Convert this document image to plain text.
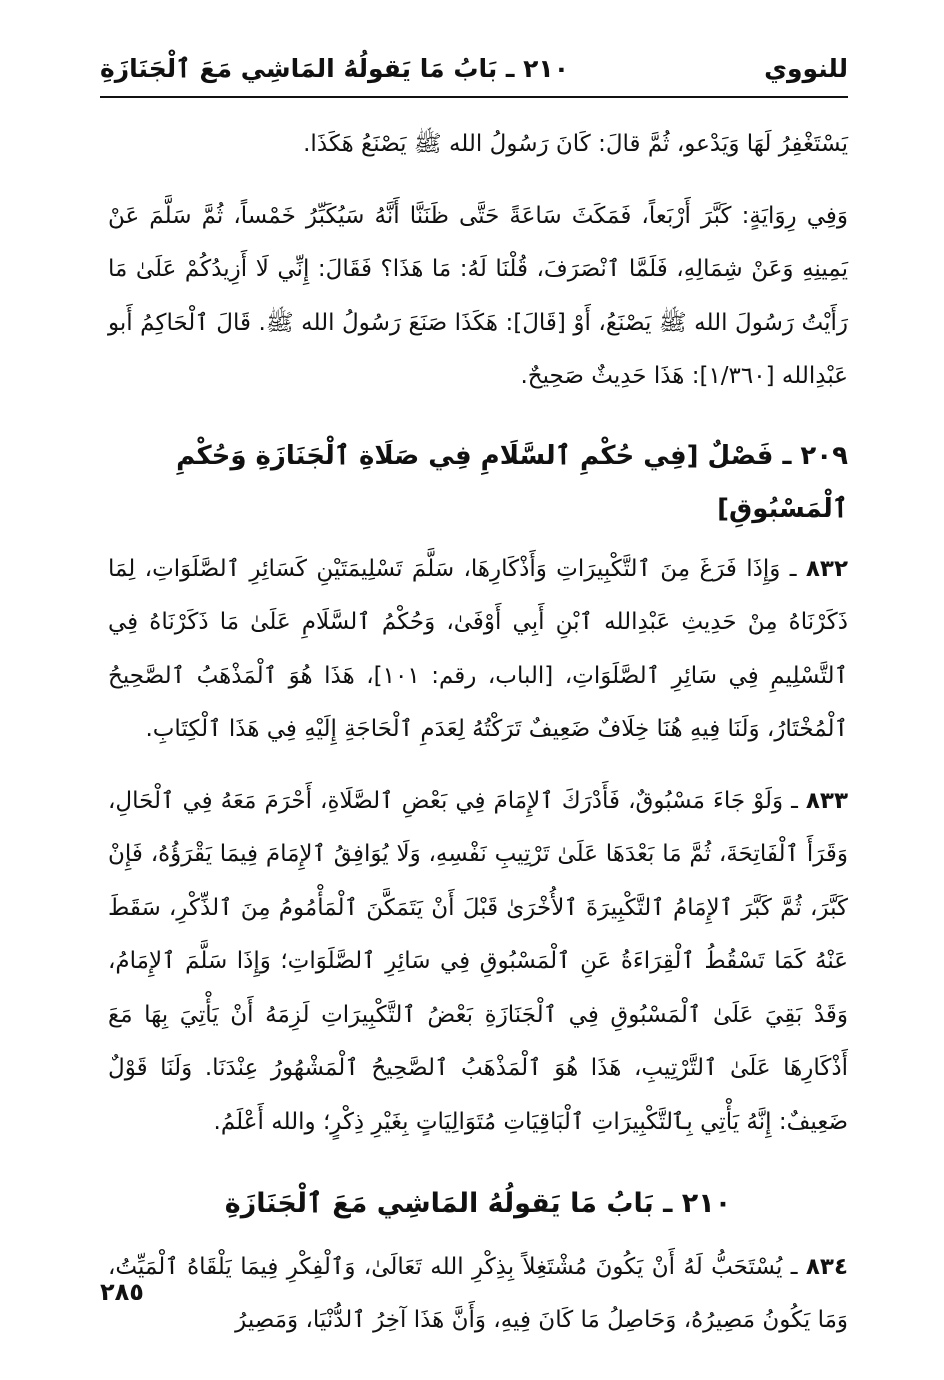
للنووي
٢١٠ ـ بَابُ مَا يَقولُهُ المَاشِي مَعَ ٱلْجَنَازَةِ

يَسْتَغْفِرُ لَهَا وَيَدْعو، ثُمَّ قالَ: كَانَ رَسُولُ الله ﷺ يَصْنَعُ هَكَذَا.

وَفِي رِوَايَةٍ: كَبَّرَ أَرْبَعاً، فَمَكَثَ سَاعَةً حَتَّى ظَنَنَّا أَنَّهُ سَيُكَبِّرُ خَمْساً، ثُمَّ سَلَّمَ عَنْ يَمِينِهِ وَعَنْ شِمَالِهِ، فَلَمَّا ٱنْصَرَفَ، قُلْنَا لَهُ: مَا هَذَا؟ فَقَالَ: إِنِّي لَا أَزِيدُكُمْ عَلَىٰ مَا رَأَيْتُ رَسُولَ الله ﷺ يَصْنَعُ، أَوْ [قَالَ]: هَكَذَا صَنَعَ رَسُولُ الله ﷺ. قَالَ ٱلْحَاكِمُ أَبو عَبْدِالله [١/٣٦٠]: هَذَا حَدِيثٌ صَحِيحٌ.

٢٠٩ ـ فَصْلٌ [فِي حُكْمِ ٱلسَّلَامِ فِي صَلَاةِ ٱلْجَنَازَةِ وَحُكْمِ ٱلْمَسْبُوقِ]

٨٣٢ ـ وَإِذَا فَرَغَ مِنَ ٱلتَّكْبِيرَاتِ وَأَذْكَارِهَا، سَلَّمَ تَسْلِيمَتَيْنِ كَسَائِرِ ٱلصَّلَوَاتِ، لِمَا ذَكَرْنَاهُ مِنْ حَدِيثِ عَبْدِالله ٱبْنِ أَبِي أَوْفَىٰ، وَحُكْمُ ٱلسَّلَامِ عَلَىٰ مَا ذَكَرْنَاهُ فِي ٱلتَّسْلِيمِ فِي سَائِرِ ٱلصَّلَوَاتِ، [الباب، رقم: ١٠١]، هَذَا هُوَ ٱلْمَذْهَبُ ٱلصَّحِيحُ ٱلْمُخْتَارُ، وَلَنَا فِيهِ هُنَا خِلَافٌ ضَعِيفٌ تَرَكْتُهُ لِعَدَمِ ٱلْحَاجَةِ إِلَيْهِ فِي هَذَا ٱلْكِتَابِ.

٨٣٣ ـ وَلَوْ جَاءَ مَسْبُوقٌ، فَأَدْرَكَ ٱلإِمَامَ فِي بَعْضِ ٱلصَّلَاةِ، أَحْرَمَ مَعَهُ فِي ٱلْحَالِ، وَقَرَأَ ٱلْفَاتِحَةَ، ثُمَّ مَا بَعْدَهَا عَلَىٰ تَرْتِيبِ نَفْسِهِ، وَلَا يُوَافِقُ ٱلإِمَامَ فِيمَا يَقْرَؤُهُ، فَإِنْ كَبَّرَ، ثُمَّ كَبَّرَ ٱلإِمَامُ ٱلتَّكْبِيرَةَ ٱلأُخْرَىٰ قَبْلَ أَنْ يَتَمَكَّنَ ٱلْمَأْمُومُ مِنَ ٱلذِّكْرِ، سَقَطَ عَنْهُ كَمَا تَسْقُطُ ٱلْقِرَاءَةُ عَنِ ٱلْمَسْبُوقِ فِي سَائِرِ ٱلصَّلَوَاتِ؛ وَإِذَا سَلَّمَ ٱلإِمَامُ، وَقَدْ بَقِيَ عَلَىٰ ٱلْمَسْبُوقِ فِي ٱلْجَنَازَةِ بَعْضُ ٱلتَّكْبِيرَاتِ لَزِمَهُ أَنْ يَأْتِيَ بِهَا مَعَ أَذْكَارِهَا عَلَىٰ ٱلتَّرْتِيبِ، هَذَا هُوَ ٱلْمَذْهَبُ ٱلصَّحِيحُ ٱلْمَشْهُورُ عِنْدَنَا. وَلَنَا قَوْلٌ ضَعِيفٌ: إِنَّهُ يَأْتِي بِٱلتَّكْبِيرَاتِ ٱلْبَاقِيَاتِ مُتَوَالِيَاتٍ بِغَيْرِ ذِكْرٍ؛ والله أَعْلَمُ.

٢١٠ ـ بَابُ مَا يَقولُهُ المَاشِي مَعَ ٱلْجَنَازَةِ

٨٣٤ ـ يُسْتَحَبُّ لَهُ أَنْ يَكُونَ مُشْتَغِلاً بِذِكْرِ الله تَعَالَىٰ، وَٱلْفِكْرِ فِيمَا يَلْقَاهُ ٱلْمَيِّتُ، وَمَا يَكُونُ مَصِيرُهُ، وَحَاصِلُ مَا كَانَ فِيهِ، وَأَنَّ هَذَا آخِرُ ٱلدُّنْيَا، وَمَصِيرُ

٢٨٥
